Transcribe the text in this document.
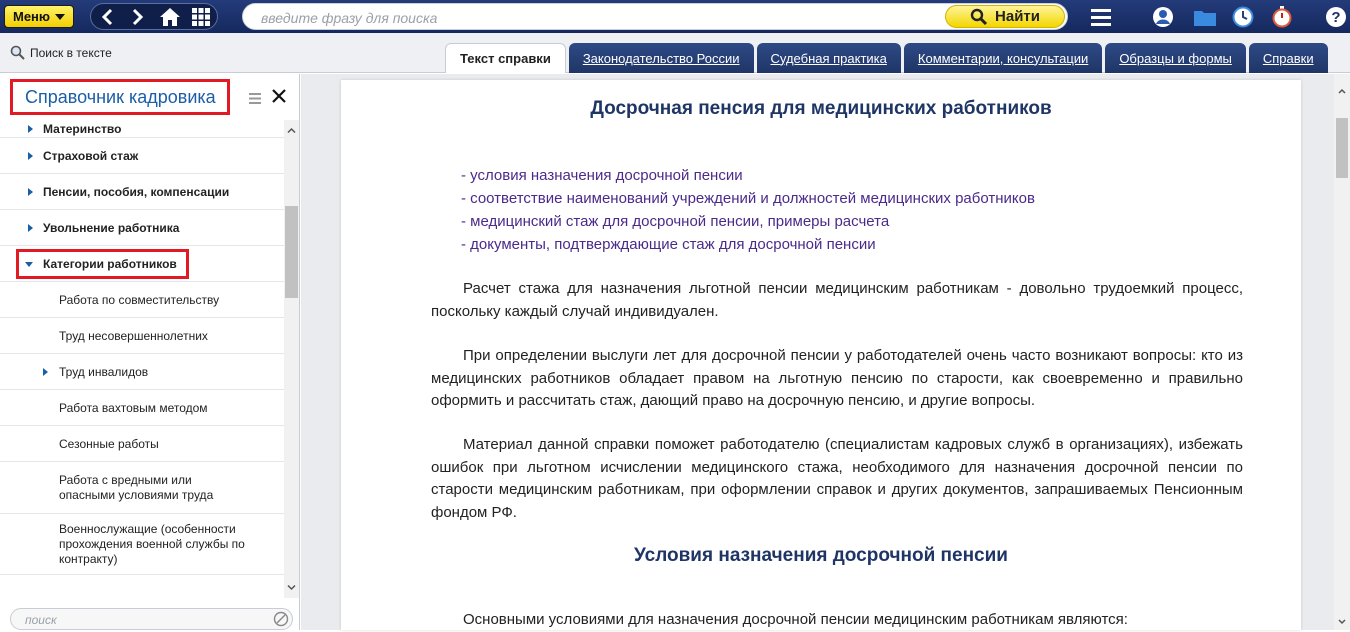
Меню
введите фразу для поиска	Найти	?
Поиск в тексте	Текст справки	Законодательство России	Судебная практика	Комментарии, консультации	Образцы и формы	Справки
Справочник кадровика
Материнство
Страховой стаж
Пенсии, пособия, компенсации
Увольнение работника
Категории работников
Работа по совместительству
Труд несовершеннолетних
Труд инвалидов
Работа вахтовым методом
Сезонные работы
Работа с вредными или опасными условиями труда
Военнослужащие (особенности прохождения военной службы по контракту)
поиск
Досрочная пенсия для медицинских работников
- условия назначения досрочной пенсии
- соответствие наименований учреждений и должностей медицинских работников
- медицинский стаж для досрочной пенсии, примеры расчета
- документы, подтверждающие стаж для досрочной пенсии

Расчет стажа для назначения льготной пенсии медицинским работникам - довольно трудоемкий процесс, поскольку каждый случай индивидуален.

При определении выслуги лет для досрочной пенсии у работодателей очень часто возникают вопросы: кто из медицинских работников обладает правом на льготную пенсию по старости, как своевременно и правильно оформить и рассчитать стаж, дающий право на досрочную пенсию, и другие вопросы.

Материал данной справки поможет работодателю (специалистам кадровых служб в организациях), избежать ошибок при льготном исчислении медицинского стажа, необходимого для назначения досрочной пенсии по старости медицинским работникам, при оформлении справок и других документов, запрашиваемых Пенсионным фондом РФ.

Условия назначения досрочной пенсии

Основными условиями для назначения досрочной пенсии медицинским работникам являются:
